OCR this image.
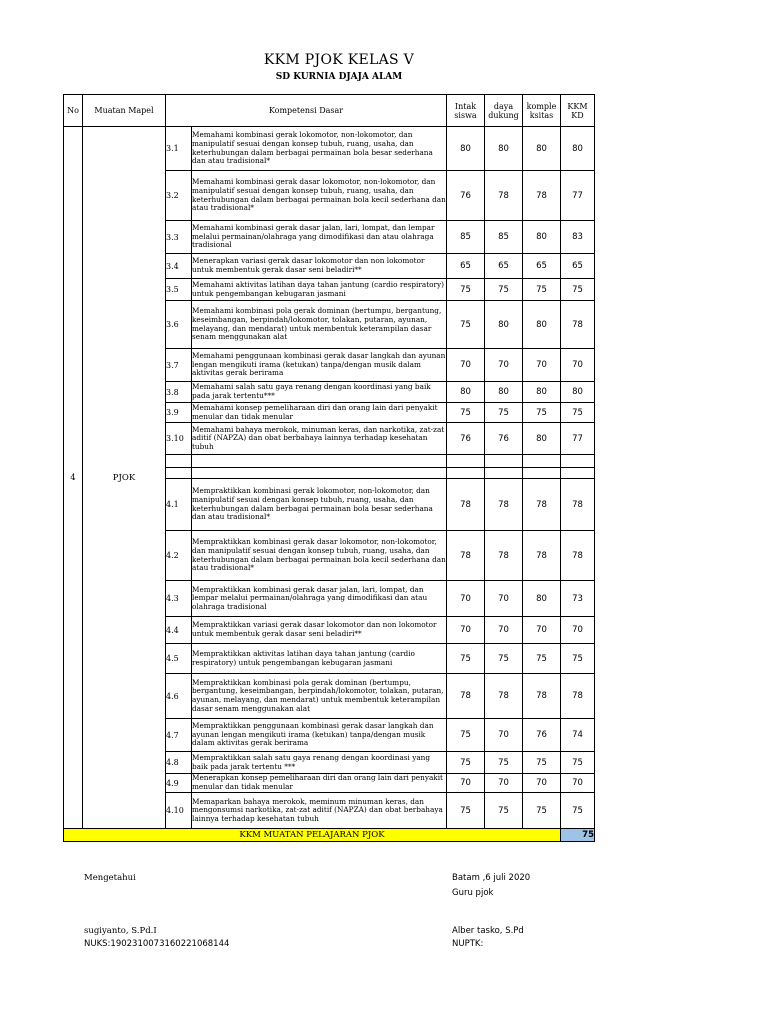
KKM PJOK KELAS V
SD KURNIA DJAJA ALAM
No	Muatan Mapel	Kompetensi Dasar		Intak siswa	daya dukung	komple ksitas	KKM KD
4	PJOK	3.1	Memahami kombinasi gerak lokomotor, non-lokomotor, dan manipulatif sesuai dengan konsep tubuh, ruang, usaha, dan keterhubungan dalam berbagai permainan bola besar sederhana dan atau tradisional*	80	80	80	80
		3.2	Memahami kombinasi gerak dasar lokomotor, non-lokomotor, dan manipulatif sesuai dengan konsep tubuh, ruang, usaha, dan keterhubungan dalam berbagai permainan bola kecil sederhana dan atau tradisional*	76	78	78	77
		3.3	Memahami kombinasi gerak dasar jalan, lari, lompat, dan lempar melalui permainan/olahraga yang dimodifikasi dan atau olahraga tradisional	85	85	80	83
		3.4	Menerapkan variasi gerak dasar lokomotor dan non lokomotor untuk membentuk gerak dasar seni beladiri**	65	65	65	65
		3.5	Memahami aktivitas latihan daya tahan jantung (cardio respiratory) untuk pengembangan kebugaran jasmani	75	75	75	75
		3.6	Memahami kombinasi pola gerak dominan (bertumpu, bergantung, keseimbangan, berpindah/lokomotor, tolakan, putaran, ayunan, melayang, dan mendarat) untuk membentuk keterampilan dasar senam menggunakan alat	75	80	80	78
		3.7	Memahami penggunaan kombinasi gerak dasar langkah dan ayunan lengan mengikuti irama (ketukan) tanpa/dengan musik dalam aktivitas gerak berirama	70	70	70	70
		3.8	Memahami salah satu gaya renang dengan koordinasi yang baik pada jarak tertentu***	80	80	80	80
		3.9	Memahami konsep pemeliharaan diri dan orang lain dari penyakit menular dan tidak menular	75	75	75	75
		3.10	Memahami bahaya merokok, minuman keras, dan narkotika, zat-zat aditif (NAPZA) dan obat berbahaya lainnya terhadap kesehatan tubuh	76	76	80	77

		4.1	Mempraktikkan kombinasi gerak lokomotor, non-lokomotor, dan manipulatif sesuai dengan konsep tubuh, ruang, usaha, dan keterhubungan dalam berbagai permainan bola besar sederhana dan atau tradisional*	78	78	78	78
		4.2	Mempraktikkan kombinasi gerak dasar lokomotor, non-lokomotor, dan manipulatif sesuai dengan konsep tubuh, ruang, usaha, dan keterhubungan dalam berbagai permainan bola kecil sederhana dan atau tradisional*	78	78	78	78
		4.3	Mempraktikkan kombinasi gerak dasar jalan, lari, lompat, dan lempar melalui permainan/olahraga yang dimodifikasi dan atau olahraga tradisional	70	70	80	73
		4.4	Mempraktikkan variasi gerak dasar lokomotor dan non lokomotor untuk membentuk gerak dasar seni beladiri**	70	70	70	70
		4.5	Mempraktikkan aktivitas latihan daya tahan jantung (cardio respiratory) untuk pengembangan kebugaran jasmani	75	75	75	75
		4.6	Mempraktikkan kombinasi pola gerak dominan (bertumpu, bergantung, keseimbangan, berpindah/lokomotor, tolakan, putaran, ayunan, melayang, dan mendarat) untuk membentuk keterampilan dasar senam menggunakan alat	78	78	78	78
		4.7	Mempraktikkan penggunaan kombinasi gerak dasar langkah dan ayunan lengan mengikuti irama (ketukan) tanpa/dengan musik dalam aktivitas gerak berirama	75	70	76	74
		4.8	Mempraktikkan salah satu gaya renang dengan koordinasi yang baik pada jarak tertentu ***	75	75	75	75
		4.9	Menerapkan konsep pemeliharaan diri dan orang lain dari penyakit menular dan tidak menular	70	70	70	70
		4.10	Memaparkan bahaya merokok, meminum minuman keras, dan mengonsumsi narkotika, zat-zat aditif (NAPZA) dan obat berbahaya lainnya terhadap kesehatan tubuh	75	75	75	75
KKM MUATAN PELAJARAN PJOK							75
Mengetahui	Batam ,6 juli 2020
Guru pjok
sugiyanto, S.Pd.I
NUKS:19023100731602​21068144
Alber tasko, S.Pd
NUPTK:
